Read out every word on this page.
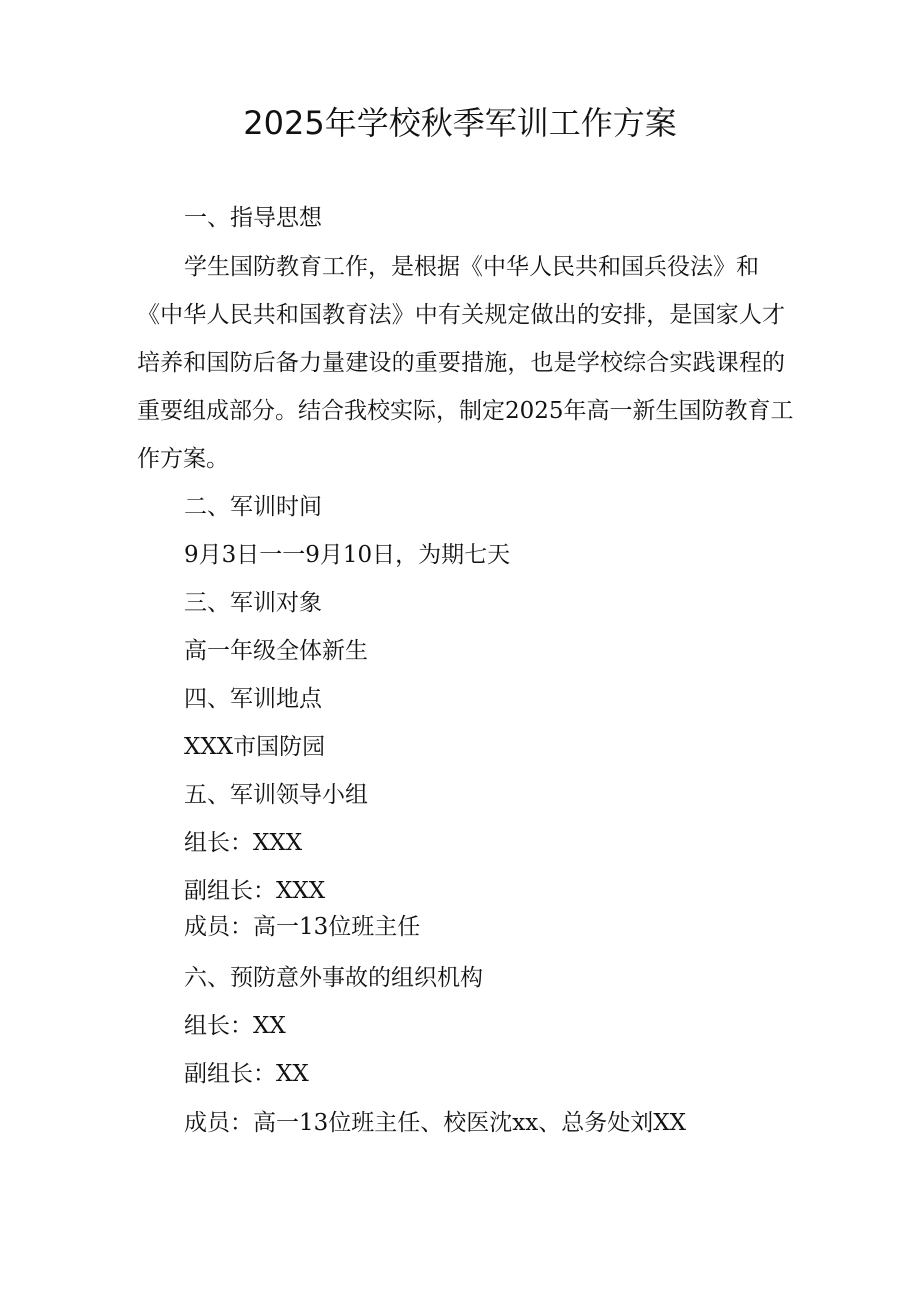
2025年学校秋季军训工作方案

一、指导思想

学生国防教育工作，是根据《中华人民共和国兵役法》和

《中华人民共和国教育法》中有关规定做出的安排，是国家人才

培养和国防后备力量建设的重要措施，也是学校综合实践课程的

重要组成部分。结合我校实际，制定2025年高一新生国防教育工

作方案。

二、军训时间

9月3日一一9月10日，为期七天

三、军训对象

高一年级全体新生

四、军训地点

XXX市国防园

五、军训领导小组

组长：XXX

副组长：XXX

成员：高一13位班主任

六、预防意外事故的组织机构

组长：XX

副组长：XX

成员：高一13位班主任、校医沈xx、总务处刘XX
